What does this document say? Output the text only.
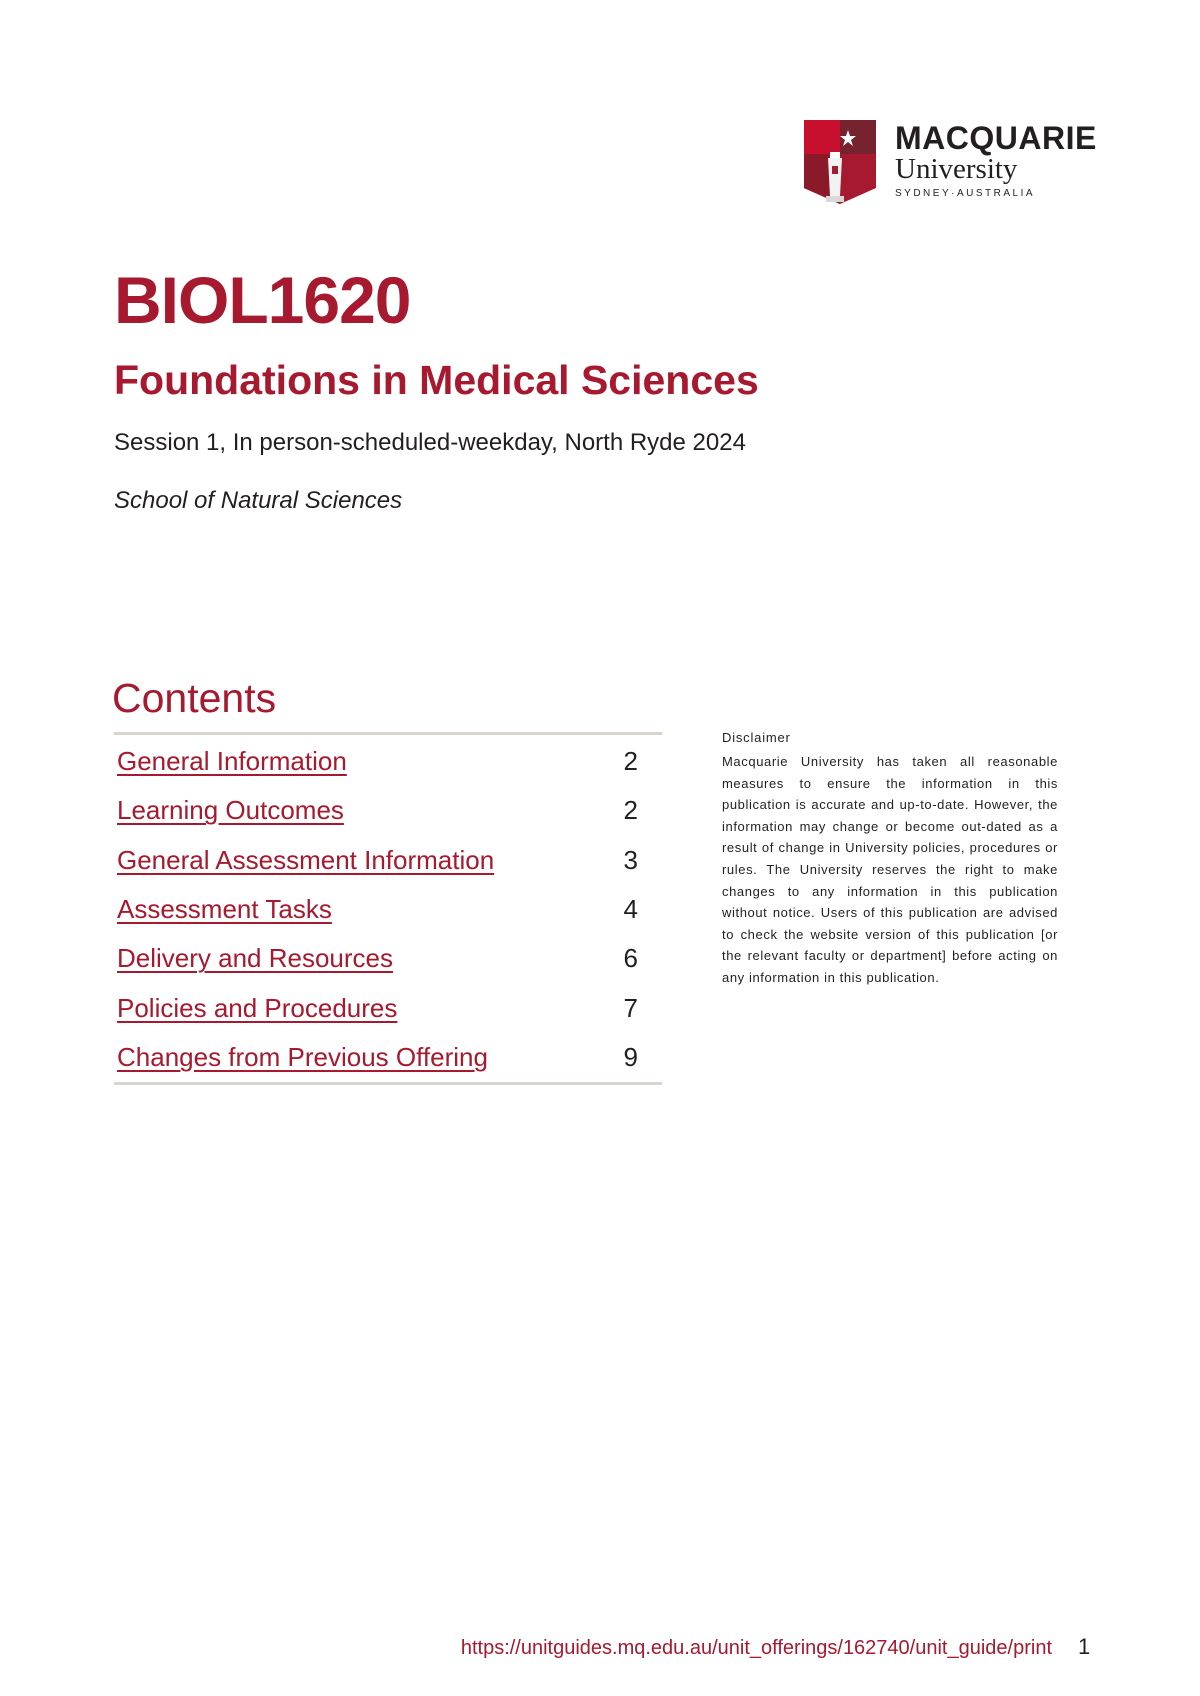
MACQUARIE
University
SYDNEY·AUSTRALIA
BIOL1620
Foundations in Medical Sciences
Session 1, In person-scheduled-weekday, North Ryde 2024
School of Natural Sciences
Contents
General Information	2
Learning Outcomes	2
General Assessment Information	3
Assessment Tasks	4
Delivery and Resources	6
Policies and Procedures	7
Changes from Previous Offering	9
Disclaimer
Macquarie University has taken all reasonable measures to ensure the information in this publication is accurate and up-to-date. However, the information may change or become out-dated as a result of change in University policies, procedures or rules. The University reserves the right to make changes to any information in this publication without notice. Users of this publication are advised to check the website version of this publication [or the relevant faculty or department] before acting on any information in this publication.
https://unitguides.mq.edu.au/unit_offerings/162740/unit_guide/print 1
